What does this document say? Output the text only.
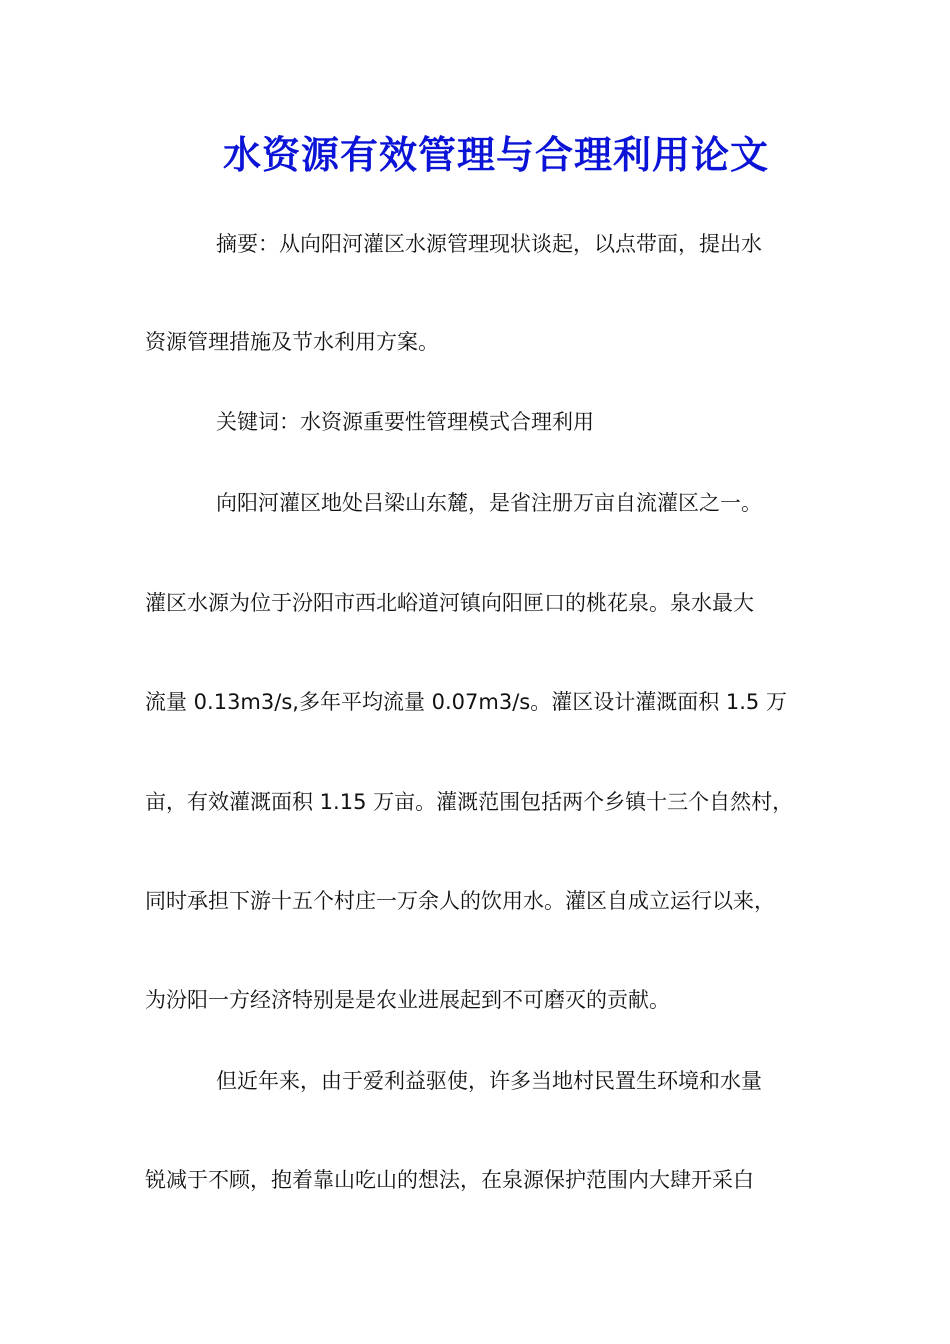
水资源有效管理与合理利用论文
摘要：从向阳河灌区水源管理现状谈起，以点带面，提出水
资源管理措施及节水利用方案。
关键词：水资源重要性管理模式合理利用
向阳河灌区地处吕梁山东麓，是省注册万亩自流灌区之一。
灌区水源为位于汾阳市西北峪道河镇向阳匣口的桃花泉。泉水最大
流量 0.13m3/s,多年平均流量 0.07m3/s。灌区设计灌溉面积 1.5 万
亩，有效灌溉面积 1.15 万亩。灌溉范围包括两个乡镇十三个自然村，
同时承担下游十五个村庄一万余人的饮用水。灌区自成立运行以来，
为汾阳一方经济特别是是农业进展起到不可磨灭的贡献。
但近年来，由于爱利益驱使，许多当地村民置生环境和水量
锐减于不顾，抱着靠山吃山的想法，在泉源保护范围内大肆开采白
